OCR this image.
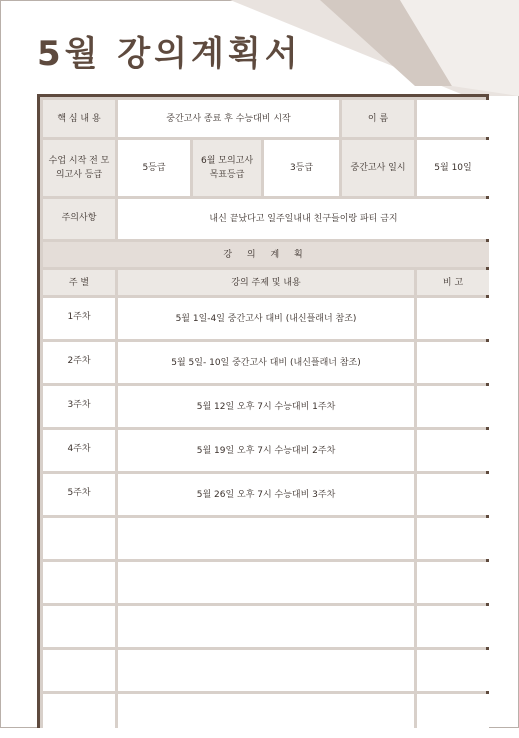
5월 강의계획서
핵 심 내 용	중간고사 종료 후 수능대비 시작			이 름	
수업 시작 전 모의고사 등급	5등급	6월 모의고사 목표등급	3등급	중간고사 일시	5월 10일
주의사항	내신 끝났다고 일주일내내 친구들이랑 파티 금지				
강 의 계 획					
주 별	강의 주제 및 내용				비 고
1주차	5월 1일-4일 중간고사 대비 (내신플래너 참조)				
2주차	5월 5일- 10일 중간고사 대비 (내신플래너 참조)				
3주차	5월 12일 오후 7시 수능대비 1주차				
4주차	5월 19일 오후 7시 수능대비 2주차				
5주차	5월 26일 오후 7시 수능대비 3주차				
